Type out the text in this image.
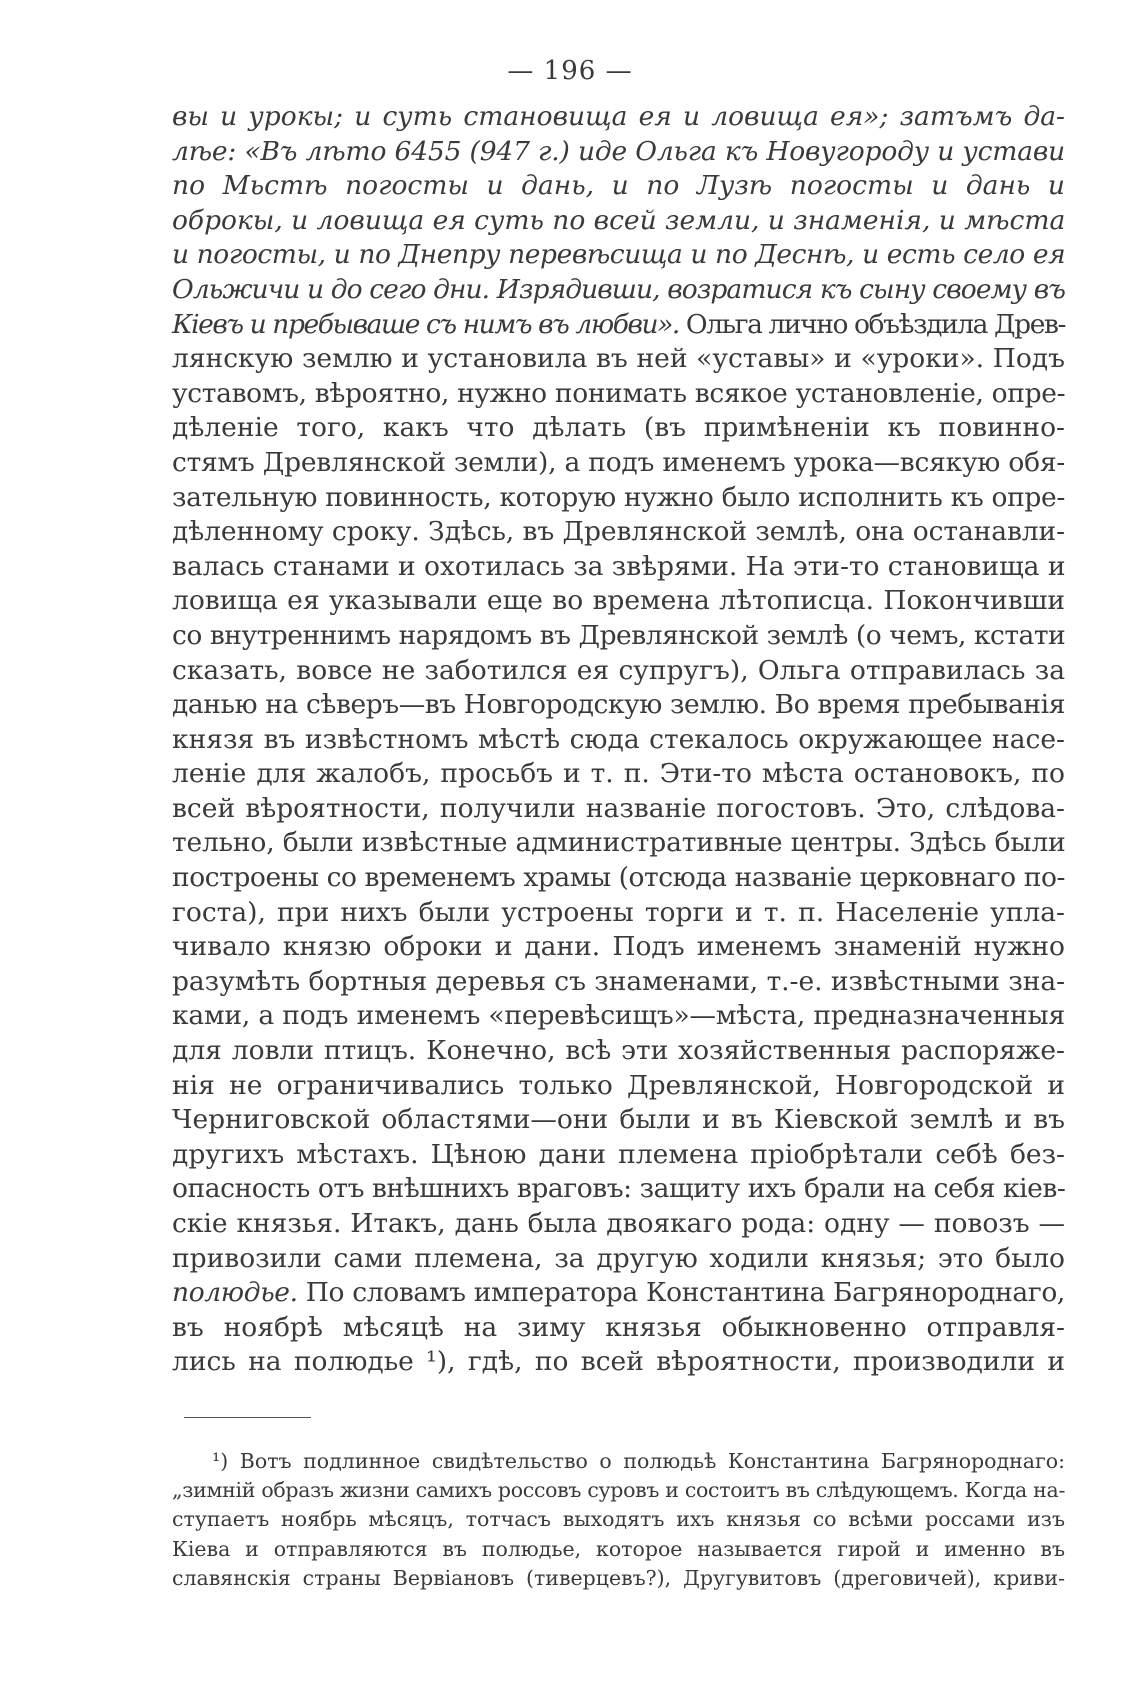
— 196 —
вы и урокы; и суть становища ея и ловища ея»; затъмъ да-
лѣе: «Въ лѣто 6455 (947 г.) иде Ольга къ Новугороду и устави
по Мьстѣ погосты и дань, и по Лузѣ погосты и дань и
оброкы, и ловища ея суть по всей земли, и знаменія, и мѣста
и погосты, и по Днепру перевѣсища и по Деснѣ, и есть село ея
Ольжичи и до сего дни. Изрядивши, возратися къ сыну своему въ
Кіевъ и пребываше съ нимъ въ любви». Ольга лично объѣздила Древ-
лянскую землю и установила въ ней «уставы» и «уроки». Подъ
уставомъ, вѣроятно, нужно понимать всякое установленіе, опре-
дѣленіе того, какъ что дѣлать (въ примѣненіи къ повинно-
стямъ Древлянской земли), а подъ именемъ урока—всякую обя-
зательную повинность, которую нужно было исполнить къ опре-
дѣленному сроку. Здѣсь, въ Древлянской землѣ, она останавли-
валась станами и охотилась за звѣрями. На эти-то становища и
ловища ея указывали еще во времена лѣтописца. Покончивши
со внутреннимъ нарядомъ въ Древлянской землѣ (о чемъ, кстати
сказать, вовсе не заботился ея супругъ), Ольга отправилась за
данью на сѣверъ—въ Новгородскую землю. Во время пребыванія
князя въ извѣстномъ мѣстѣ сюда стекалось окружающее насе-
леніе для жалобъ, просьбъ и т. п. Эти-то мѣста остановокъ, по
всей вѣроятности, получили названіе погостовъ. Это, слѣдова-
тельно, были извѣстные административные центры. Здѣсь были
построены со временемъ храмы (отсюда названіе церковнаго по-
госта), при нихъ были устроены торги и т. п. Населеніе упла-
чивало князю оброки и дани. Подъ именемъ знаменій нужно
разумѣть бортныя деревья съ знаменами, т.-е. извѣстными зна-
ками, а подъ именемъ «перевѣсищъ»—мѣста, предназначенныя
для ловли птицъ. Конечно, всѣ эти хозяйственныя распоряже-
нія не ограничивались только Древлянской, Новгородской и
Черниговской областями—они были и въ Кіевской землѣ и въ
другихъ мѣстахъ. Цѣною дани племена пріобрѣтали себѣ без-
опасность отъ внѣшнихъ враговъ: защиту ихъ брали на себя кіев-
скіе князья. Итакъ, дань была двоякаго рода: одну — повозъ —
привозили сами племена, за другую ходили князья; это было
полюдье. По словамъ императора Константина Багрянороднаго,
въ ноябрѣ мѣсяцѣ на зиму князья обыкновенно отправля-
лись на полюдье ¹), гдѣ, по всей вѣроятности, производили и
¹) Вотъ подлинное свидѣтельство о полюдьѣ Константина Багрянороднаго:
„зимній образъ жизни самихъ россовъ суровъ и состоитъ въ слѣдующемъ. Когда на-
ступаетъ ноябрь мѣсяцъ, тотчасъ выходятъ ихъ князья со всѣми россами изъ
Кіева и отправляются въ полюдье, которое называется гирой и именно въ
славянскія страны Вервіановъ (тиверцевъ?), Другувитовъ (дреговичей), криви-
